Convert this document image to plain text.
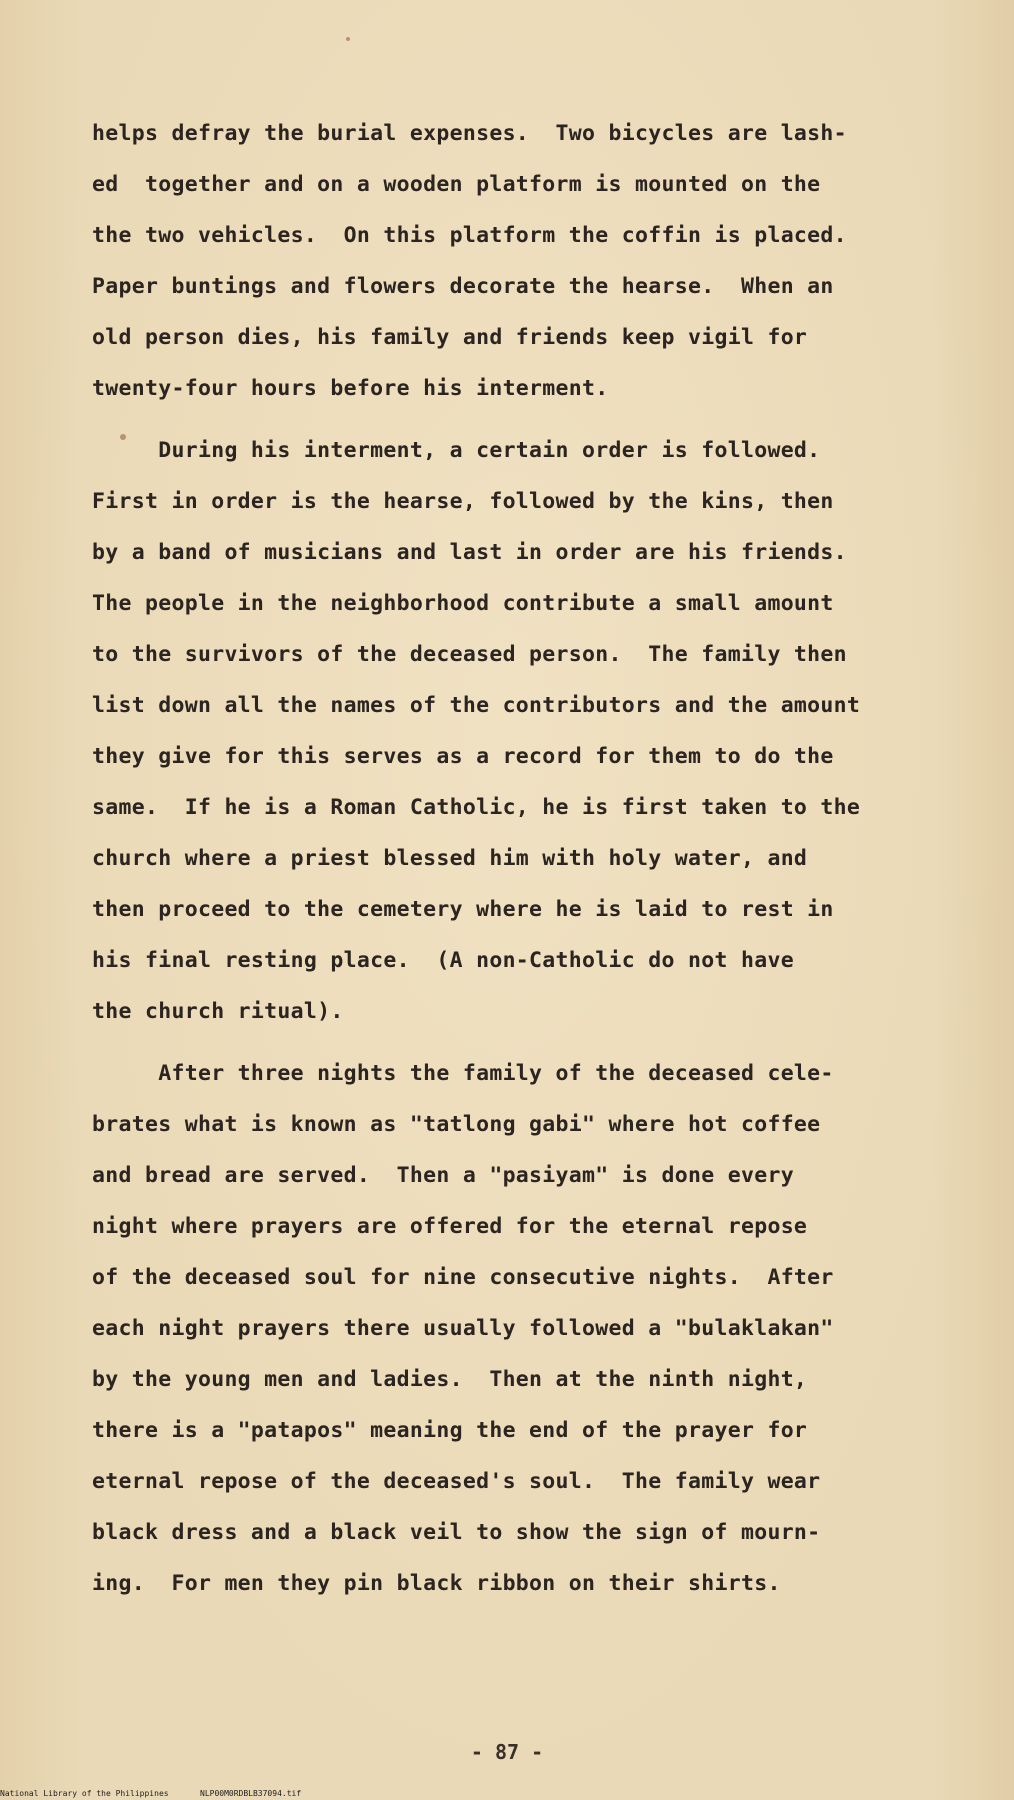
helps defray the burial expenses.  Two bicycles are lash-
ed  together and on a wooden platform is mounted on the
the two vehicles.  On this platform the coffin is placed.
Paper buntings and flowers decorate the hearse.  When an
old person dies, his family and friends keep vigil for
twenty-four hours before his interment.
During his interment, a certain order is followed.
First in order is the hearse, followed by the kins, then
by a band of musicians and last in order are his friends.
The people in the neighborhood contribute a small amount
to the survivors of the deceased person.  The family then
list down all the names of the contributors and the amount
they give for this serves as a record for them to do the
same.  If he is a Roman Catholic, he is first taken to the
church where a priest blessed him with holy water, and
then proceed to the cemetery where he is laid to rest in
his final resting place.  (A non-Catholic do not have
the church ritual).
After three nights the family of the deceased cele-
brates what is known as "tatlong gabi" where hot coffee
and bread are served.  Then a "pasiyam" is done every
night where prayers are offered for the eternal repose
of the deceased soul for nine consecutive nights.  After
each night prayers there usually followed a "bulaklakan"
by the young men and ladies.  Then at the ninth night,
there is a "patapos" meaning the end of the prayer for
eternal repose of the deceased's soul.  The family wear
black dress and a black veil to show the sign of mourn-
ing.  For men they pin black ribbon on their shirts.
- 87 -
National Library of the Philippines	NLP00M0RDBLB37094.tif
